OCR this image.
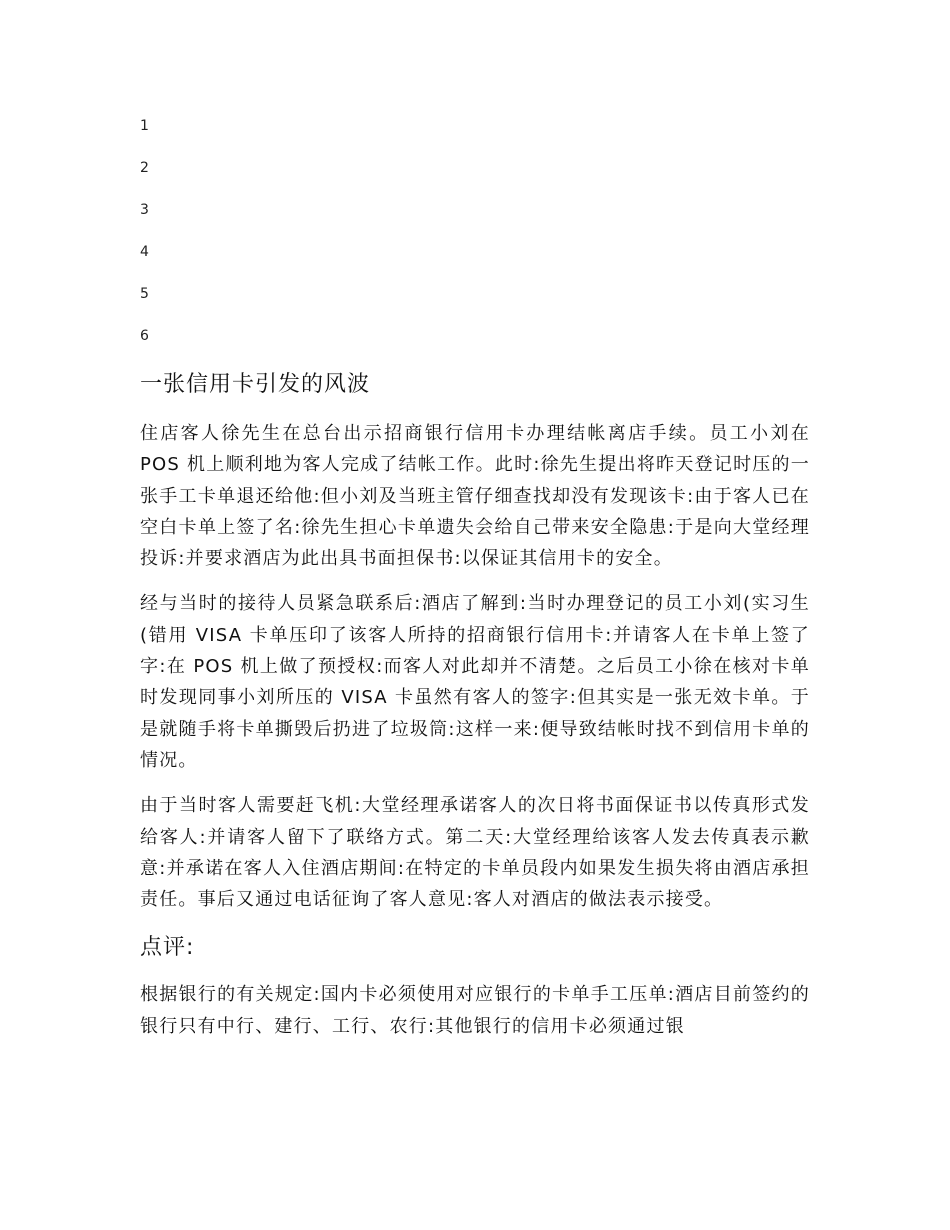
1
2
3
4
5
6
一张信用卡引发的风波

住店客人徐先生在总台出示招商银行信用卡办理结帐离店手续。员工小刘在 POS 机上顺利地为客人完成了结帐工作。此时:徐先生提出将昨天登记时压的一张手工卡单退还给他:但小刘及当班主管仔细查找却没有发现该卡:由于客人已在空白卡单上签了名:徐先生担心卡单遗失会给自己带来安全隐患:于是向大堂经理投诉:并要求酒店为此出具书面担保书:以保证其信用卡的安全。

经与当时的接待人员紧急联系后:酒店了解到:当时办理登记的员工小刘(实习生(错用 VISA 卡单压印了该客人所持的招商银行信用卡:并请客人在卡单上签了字:在 POS 机上做了预授权:而客人对此却并不清楚。之后员工小徐在核对卡单时发现同事小刘所压的 VISA 卡虽然有客人的签字:但其实是一张无效卡单。于是就随手将卡单撕毁后扔进了垃圾筒:这样一来:便导致结帐时找不到信用卡单的情况。

由于当时客人需要赶飞机:大堂经理承诺客人的次日将书面保证书以传真形式发给客人:并请客人留下了联络方式。第二天:大堂经理给该客人发去传真表示歉意:并承诺在客人入住酒店期间:在特定的卡单员段内如果发生损失将由酒店承担责任。事后又通过电话征询了客人意见:客人对酒店的做法表示接受。

点评:

根据银行的有关规定:国内卡必须使用对应银行的卡单手工压单:酒店目前签约的银行只有中行、建行、工行、农行:其他银行的信用卡必须通过银
